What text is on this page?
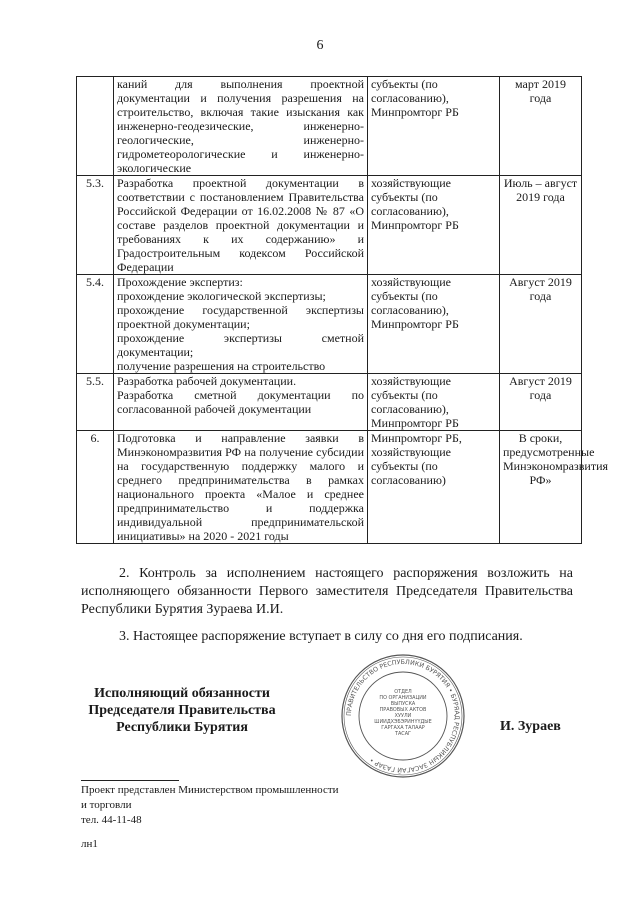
6

	каний для выполнения проектной документации и получения разрешения на строительство, включая такие изыскания как инженерно-геодезические, инженерно-геологические, инженерно-гидрометеорологические и инженерно-экологические	субъекты (по согласованию), Минпромторг РБ	март 2019 года
5.3.	Разработка проектной документации в соответствии с постановлением Правительства Российской Федерации от 16.02.2008 № 87 «О составе разделов проектной документации и требованиях к их содержанию» и Градостроительным кодексом Российской Федерации	хозяйствующие субъекты (по согласованию), Минпромторг РБ	Июль – август 2019 года
5.4.	Прохождение экспертиз:
прохождение экологической экспертизы;
прохождение государственной экспертизы проектной документации;
прохождение экспертизы сметной документации;
получение разрешения на строительство	хозяйствующие субъекты (по согласованию), Минпромторг РБ	Август 2019 года
5.5.	Разработка рабочей документации.
Разработка сметной документации по согласованной рабочей документации	хозяйствующие субъекты (по согласованию), Минпромторг РБ	Август 2019 года
6.	Подготовка и направление заявки в Минэкономразвития РФ на получение субсидии на государственную поддержку малого и среднего предпринимательства в рамках национального проекта «Малое и среднее предпринимательство и поддержка индивидуальной предпринимательской инициативы» на 2020 - 2021 годы	Минпромторг РБ, хозяйствующие субъекты (по согласованию)	В сроки, предусмотренные Минэкономразвития РФ»
2. Контроль за исполнением настоящего распоряжения возложить на исполняющего обязанности Первого заместителя Председателя Правительства Республики Бурятия Зураева И.И.
3. Настоящее распоряжение вступает в силу со дня его подписания.
Исполняющий обязанности
Председателя Правительства
Республики Бурятия
ПРАВИТЕЛЬСТВО РЕСПУБЛИКИ БУРЯТИЯ • БУРЯАД РЕСПУБЛИКЫН ЗАСАГАЙ ГАЗАР •
ОТДЕЛ
ПО ОРГАНИЗАЦИИ
ВЫПУСКА
ПРАВОВЫХ АКТОВ
ХУУЛИ
ШИИДХЭБЭРИНҮҮДЫЕ
ГАРГАХА ТАЛААР
ТАСАГ	И. Зураев
Проект представлен Министерством промышленности
и торговли
тел. 44-11-48
лн1
